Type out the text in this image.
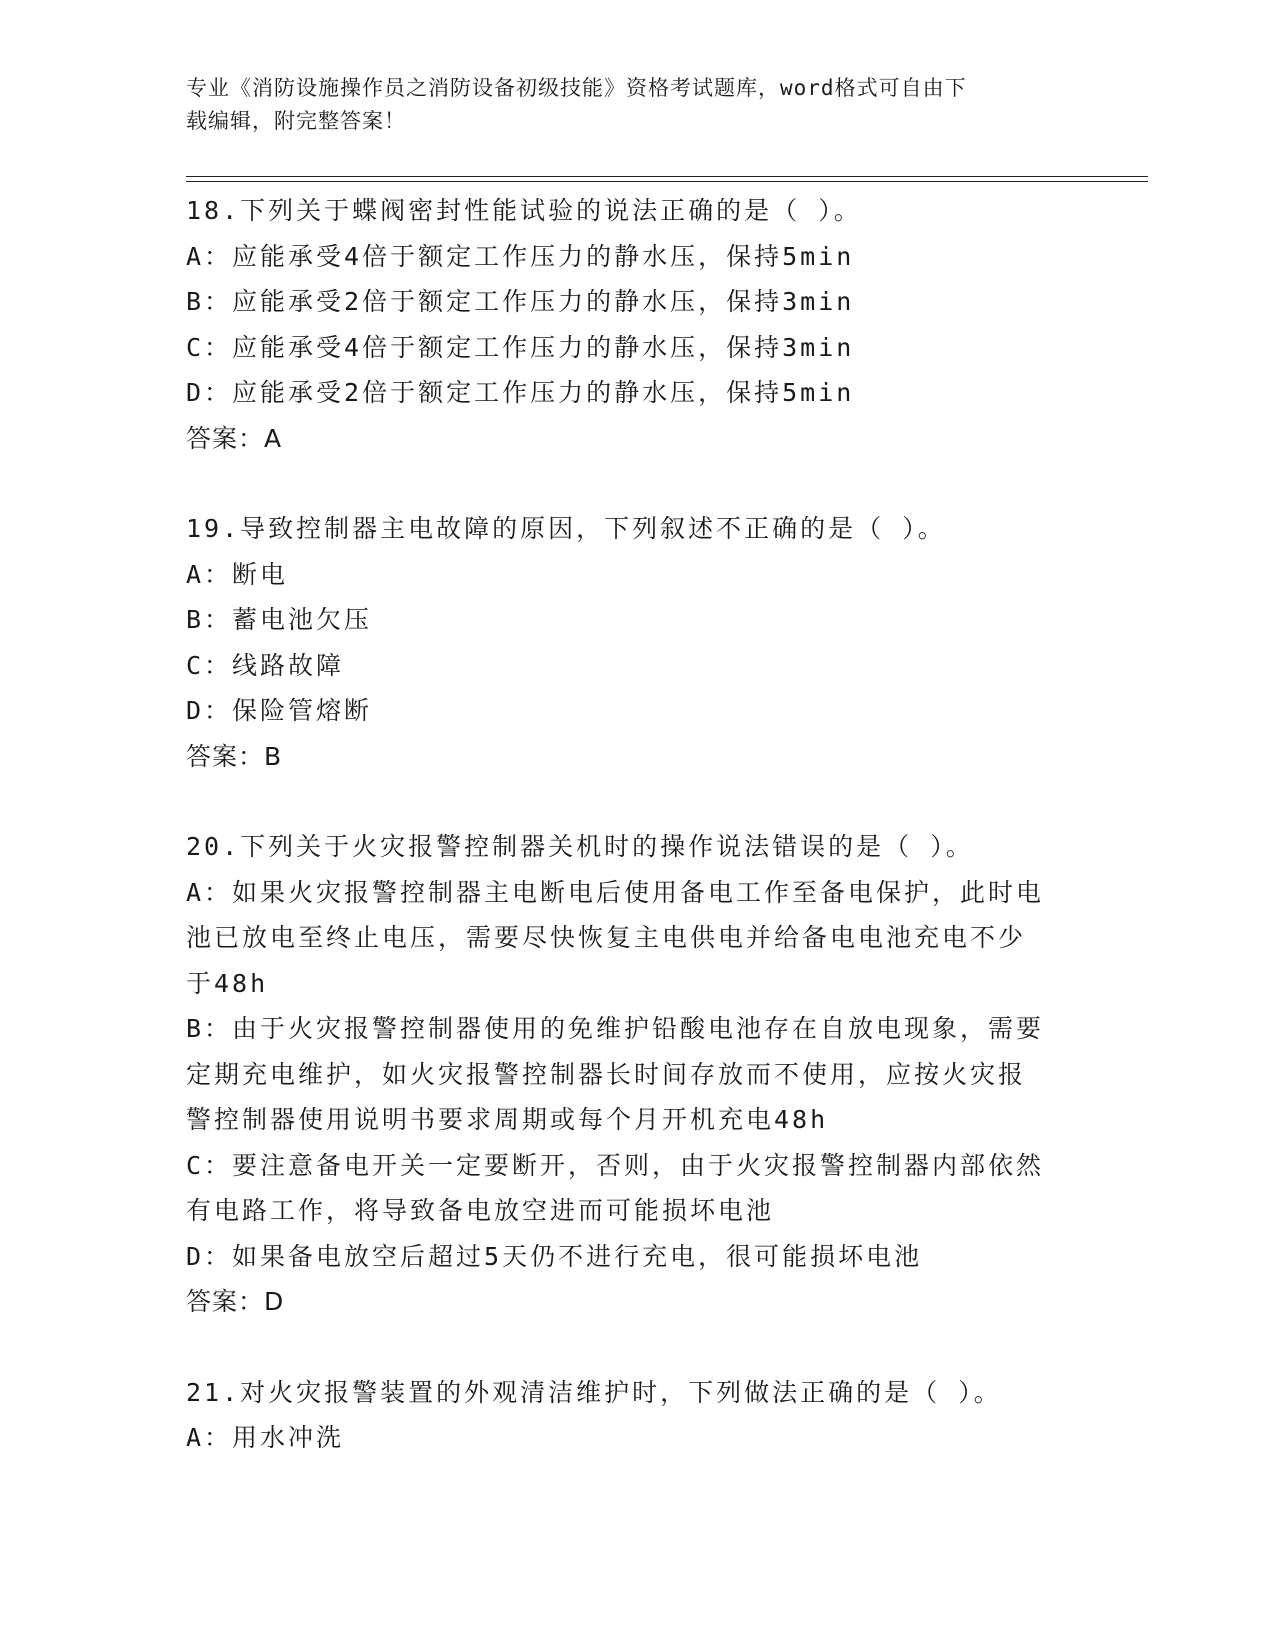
专业《消防设施操作员之消防设备初级技能》资格考试题库，word格式可自由下
载编辑，附完整答案！
18.下列关于蝶阀密封性能试验的说法正确的是（ ）。
A：应能承受4倍于额定工作压力的静水压，保持5min
B：应能承受2倍于额定工作压力的静水压，保持3min
C：应能承受4倍于额定工作压力的静水压，保持3min
D：应能承受2倍于额定工作压力的静水压，保持5min
答案：A
19.导致控制器主电故障的原因，下列叙述不正确的是（ ）。
A：断电
B：蓄电池欠压
C：线路故障
D：保险管熔断
答案：B
20.下列关于火灾报警控制器关机时的操作说法错误的是（ ）。
A：如果火灾报警控制器主电断电后使用备电工作至备电保护，此时电
池已放电至终止电压，需要尽快恢复主电供电并给备电电池充电不少
于48h
B：由于火灾报警控制器使用的免维护铅酸电池存在自放电现象，需要
定期充电维护，如火灾报警控制器长时间存放而不使用，应按火灾报
警控制器使用说明书要求周期或每个月开机充电48h
C：要注意备电开关一定要断开，否则，由于火灾报警控制器内部依然
有电路工作，将导致备电放空进而可能损坏电池
D：如果备电放空后超过5天仍不进行充电，很可能损坏电池
答案：D
21.对火灾报警装置的外观清洁维护时，下列做法正确的是（ ）。
A：用水冲洗
